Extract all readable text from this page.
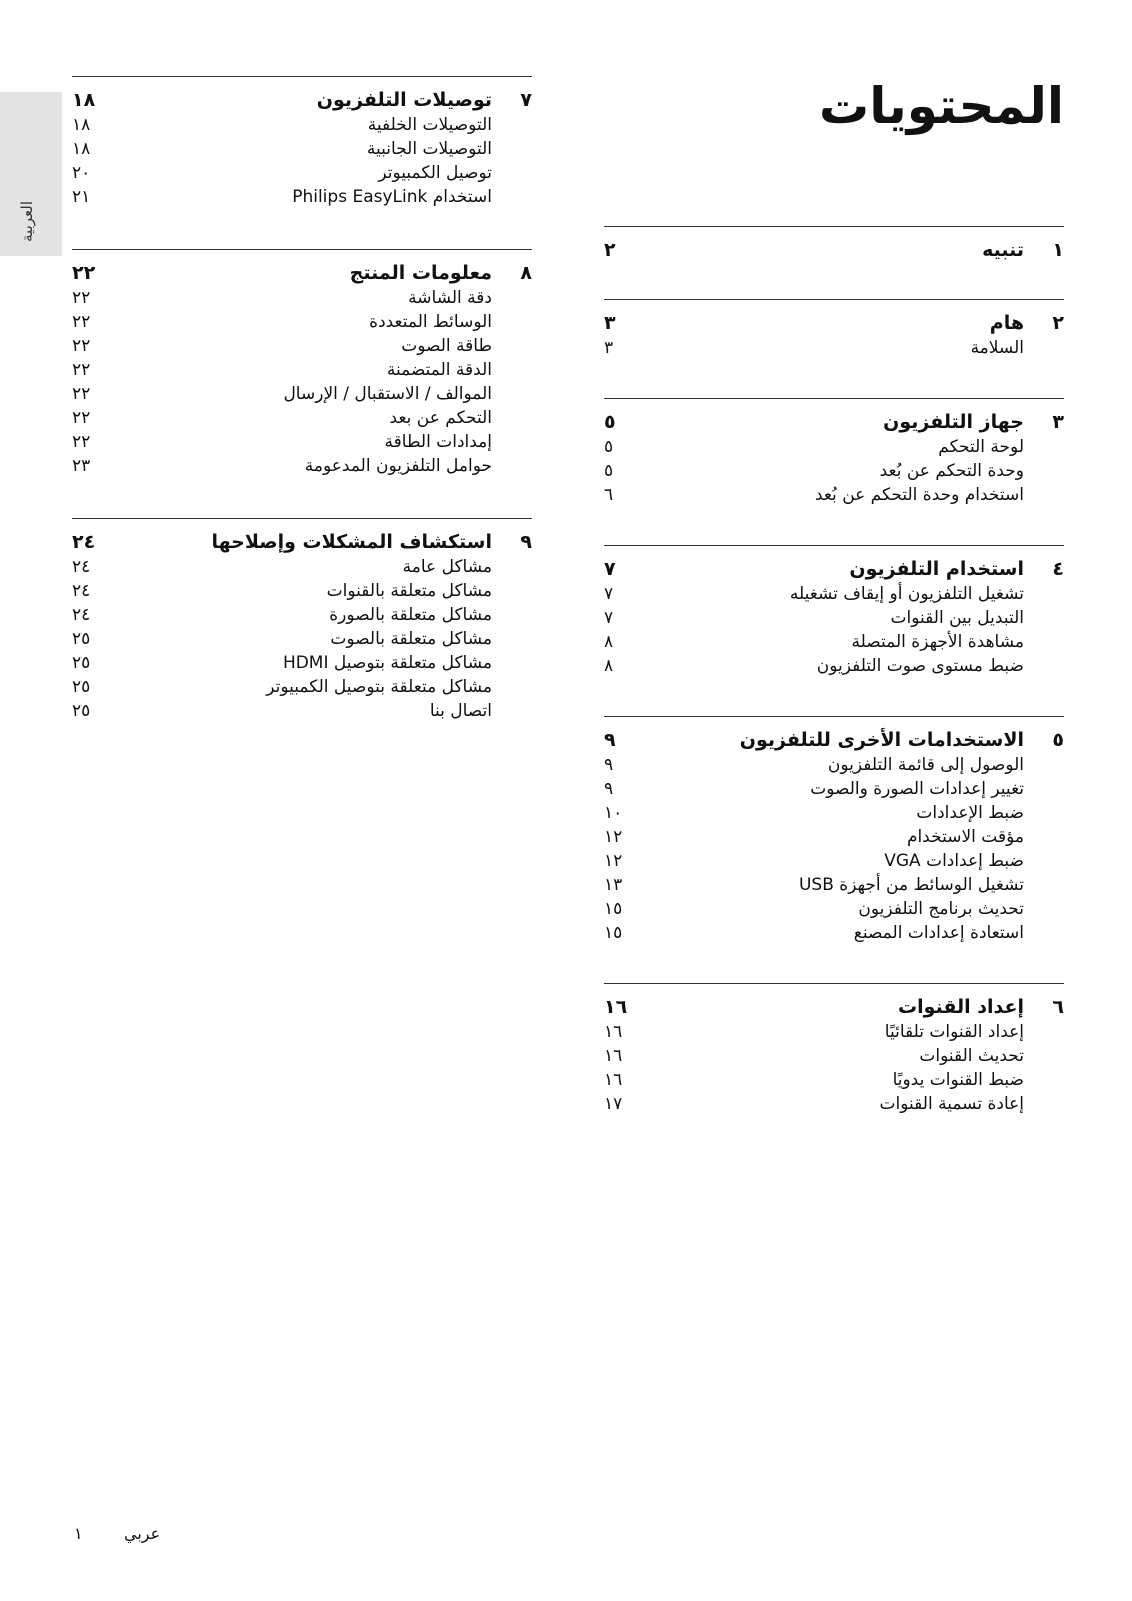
العربية
المحتويات
٧
توصيلات التلفزيون
١٨
التوصيلات الخلفية
١٨
التوصيلات الجانبية
١٨
توصيل الكمبيوتر
٢٠
استخدام Philips EasyLink
٢١
٨
معلومات المنتج
٢٢
دقة الشاشة
٢٢
الوسائط المتعددة
٢٢
طاقة الصوت
٢٢
الدقة المتضمنة
٢٢
الموالف / الاستقبال / الإرسال
٢٢
التحكم عن بعد
٢٢
إمدادات الطاقة
٢٢
حوامل التلفزيون المدعومة
٢٣
٩
استكشاف المشكلات وإصلاحها
٢٤
مشاكل عامة
٢٤
مشاكل متعلقة بالقنوات
٢٤
مشاكل متعلقة بالصورة
٢٤
مشاكل متعلقة بالصوت
٢٥
مشاكل متعلقة بتوصيل HDMI
٢٥
مشاكل متعلقة بتوصيل الكمبيوتر
٢٥
اتصال بنا
٢٥
١
تنبيه
٢
٢
هام
٣
السلامة
٣
٣
جهاز التلفزيون
٥
لوحة التحكم
٥
وحدة التحكم عن بُعد
٥
استخدام وحدة التحكم عن بُعد
٦
٤
استخدام التلفزيون
٧
تشغيل التلفزيون أو إيقاف تشغيله
٧
التبديل بين القنوات
٧
مشاهدة الأجهزة المتصلة
٨
ضبط مستوى صوت التلفزيون
٨
٥
الاستخدامات الأخرى للتلفزيون
٩
الوصول إلى قائمة التلفزيون
٩
تغيير إعدادات الصورة والصوت
٩
ضبط الإعدادات
١٠
مؤقت الاستخدام
١٢
ضبط إعدادات VGA
١٢
تشغيل الوسائط من أجهزة USB
١٣
تحديث برنامج التلفزيون
١٥
استعادة إعدادات المصنع
١٥
٦
إعداد القنوات
١٦
إعداد القنوات تلقائيًا
١٦
تحديث القنوات
١٦
ضبط القنوات يدويًا
١٦
إعادة تسمية القنوات
١٧
عربي
١
